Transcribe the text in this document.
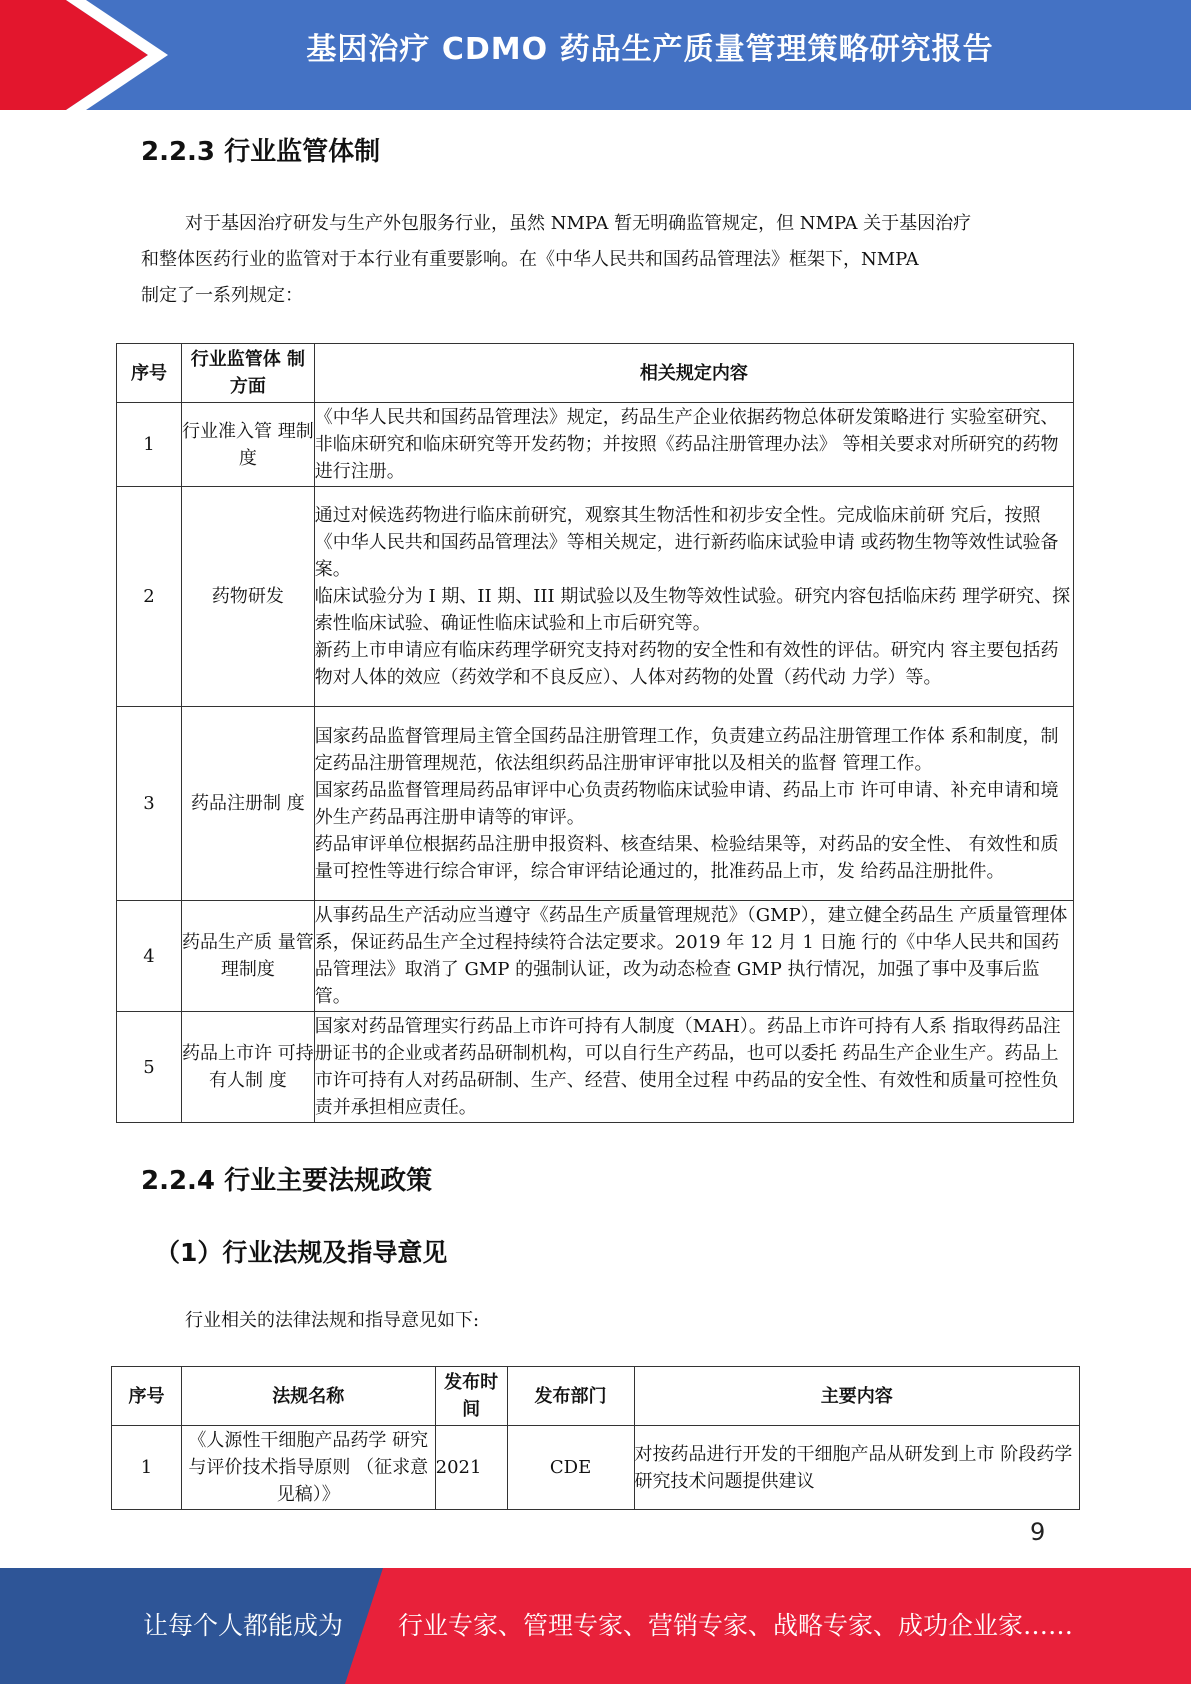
基因治疗 CDMO 药品生产质量管理策略研究报告
2.2.3 行业监管体制
对于基因治疗研发与生产外包服务行业，虽然 NMPA 暂无明确监管规定，但 NMPA 关于基因治疗
和整体医药行业的监管对于本行业有重要影响。在《中华人民共和国药品管理法》框架下，NMPA
制定了一系列规定：
序号	行业监管体 制方面	相关规定内容
1	行业准入管 理制度	《中华人民共和国药品管理法》规定，药品生产企业依据药物总体研发策略进行 实验室研究、非临床研究和临床研究等开发药物；并按照《药品注册管理办法》 等相关要求对所研究的药物进行注册。

2	药物研发	通过对候选药物进行临床前研究，观察其生物活性和初步安全性。完成临床前研 究后，按照《中华人民共和国药品管理法》等相关规定，进行新药临床试验申请 或药物生物等效性试验备案。
临床试验分为 I 期、II 期、III 期试验以及生物等效性试验。研究内容包括临床药 理学研究、探索性临床试验、确证性临床试验和上市后研究等。
新药上市申请应有临床药理学研究支持对药物的安全性和有效性的评估。研究内 容主要包括药物对人体的效应（药效学和不良反应）、人体对药物的处置（药代动 力学）等。

3	药品注册制 度	国家药品监督管理局主管全国药品注册管理工作，负责建立药品注册管理工作体 系和制度，制定药品注册管理规范，依法组织药品注册审评审批以及相关的监督 管理工作。
国家药品监督管理局药品审评中心负责药物临床试验申请、药品上市 许可申请、补充申请和境外生产药品再注册申请等的审评。
药品审评单位根据药品注册申报资料、核查结果、检验结果等，对药品的安全性、 有效性和质量可控性等进行综合审评，综合审评结论通过的，批准药品上市，发 给药品注册批件。

4	药品生产质 量管理制度	从事药品生产活动应当遵守《药品生产质量管理规范》（GMP），建立健全药品生 产质量管理体系，保证药品生产全过程持续符合法定要求。2019 年 12 月 1 日施 行的《中华人民共和国药品管理法》取消了 GMP 的强制认证，改为动态检查 GMP 执行情况，加强了事中及事后监管。

5	药品上市许 可持有人制 度	国家对药品管理实行药品上市许可持有人制度（MAH）。药品上市许可持有人系 指取得药品注册证书的企业或者药品研制机构，可以自行生产药品，也可以委托 药品生产企业生产。药品上市许可持有人对药品研制、生产、经营、使用全过程 中药品的安全性、有效性和质量可控性负责并承担相应责任。
2.2.4 行业主要法规政策
（1）行业法规及指导意见
行业相关的法律法规和指导意见如下:
序号	法规名称	发布时间	发布部门	主要内容
1	《人源性干细胞产品药学 研究与评价技术指导原则 （征求意见稿）》	2021	CDE	对按药品进行开发的干细胞产品从研发到上市 阶段药学研究技术问题提供建议
9
让每个人都能成为 行业专家、管理专家、营销专家、战略专家、成功企业家……
